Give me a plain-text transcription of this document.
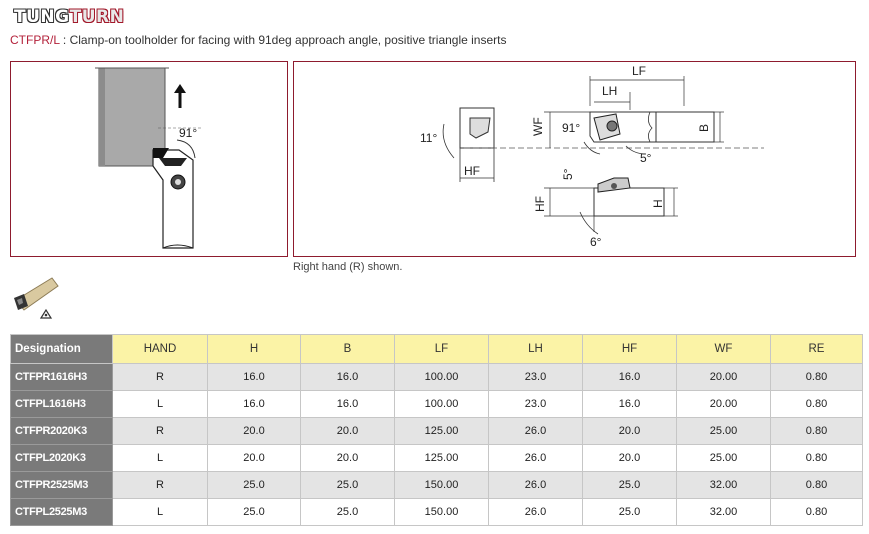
TUNG TURN
CTFPR/L : Clamp-on toolholder for facing with 91deg approach angle, positive triangle inserts
91°	11°
HF
LF
LH
WF 91°
5°
B
HF	H
5°
6°
Right hand (R) shown.
Designation	HAND	H	B	LF	LH	HF	WF	RE
CTFPR1616H3	R	16.0	16.0	100.00	23.0	16.0	20.00	0.80
CTFPL1616H3	L	16.0	16.0	100.00	23.0	16.0	20.00	0.80
CTFPR2020K3	R	20.0	20.0	125.00	26.0	20.0	25.00	0.80
CTFPL2020K3	L	20.0	20.0	125.00	26.0	20.0	25.00	0.80
CTFPR2525M3	R	25.0	25.0	150.00	26.0	25.0	32.00	0.80
CTFPL2525M3	L	25.0	25.0	150.00	26.0	25.0	32.00	0.80
